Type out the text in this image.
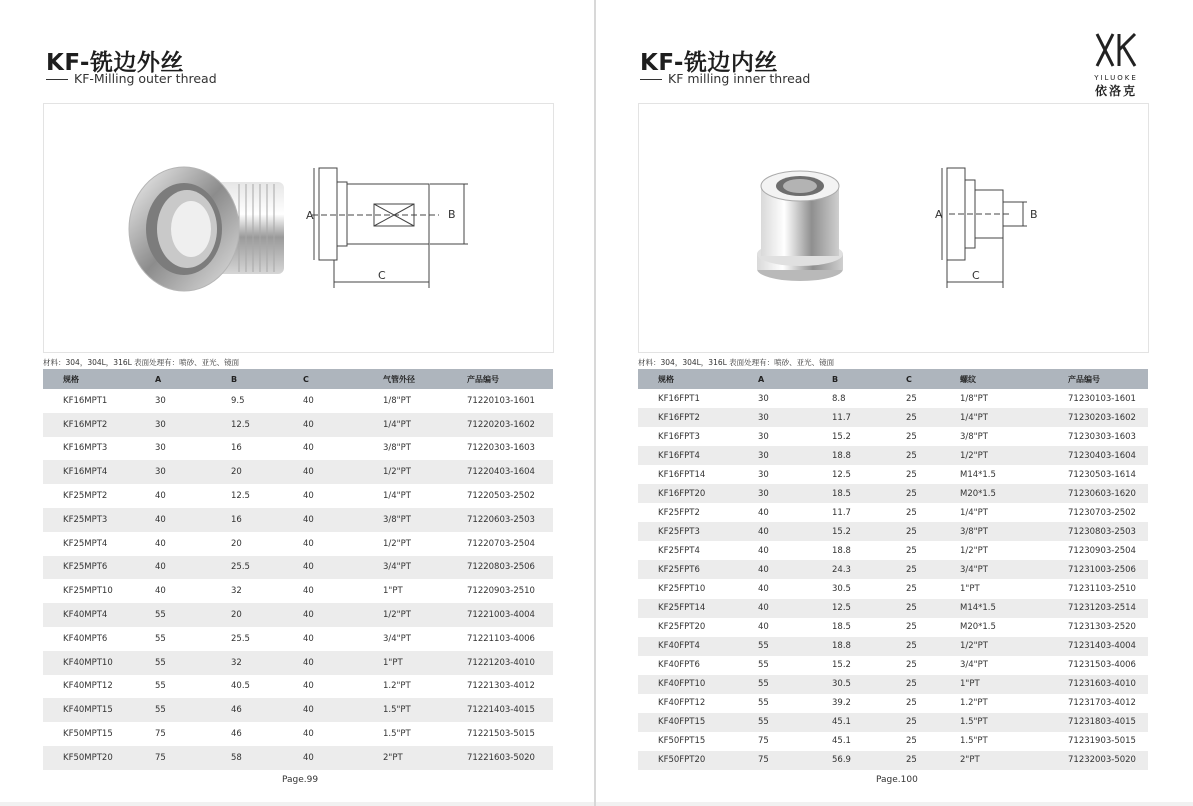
KF-铣边外丝
KF-Milling outer thread
A	B
C
材料：304，304L，316L 表面处理有：喷砂、亚光、镜面
规格	A	B	C	气管外径	产品编号
KF16MPT1	30	9.5	40	1/8"PT	71220103-1601
KF16MPT2	30	12.5	40	1/4"PT	71220203-1602
KF16MPT3	30	16	40	3/8"PT	71220303-1603
KF16MPT4	30	20	40	1/2"PT	71220403-1604
KF25MPT2	40	12.5	40	1/4"PT	71220503-2502
KF25MPT3	40	16	40	3/8"PT	71220603-2503
KF25MPT4	40	20	40	1/2"PT	71220703-2504
KF25MPT6	40	25.5	40	3/4"PT	71220803-2506
KF25MPT10	40	32	40	1"PT	71220903-2510
KF40MPT4	55	20	40	1/2"PT	71221003-4004
KF40MPT6	55	25.5	40	3/4"PT	71221103-4006
KF40MPT10	55	32	40	1"PT	71221203-4010
KF40MPT12	55	40.5	40	1.2"PT	71221303-4012
KF40MPT15	55	46	40	1.5"PT	71221403-4015
KF50MPT15	75	46	40	1.5"PT	71221503-5015
KF50MPT20	75	58	40	2"PT	71221603-5020
Page.99
KF-铣边内丝
KF milling inner thread	YILUOKE
依洛克
A	B
C
材料：304，304L，316L 表面处理有：喷砂、亚光、镜面
规格	A	B	C	螺纹	产品编号
KF16FPT1	30	8.8	25	1/8"PT	71230103-1601
KF16FPT2	30	11.7	25	1/4"PT	71230203-1602
KF16FPT3	30	15.2	25	3/8"PT	71230303-1603
KF16FPT4	30	18.8	25	1/2"PT	71230403-1604
KF16FPT14	30	12.5	25	M14*1.5	71230503-1614
KF16FPT20	30	18.5	25	M20*1.5	71230603-1620
KF25FPT2	40	11.7	25	1/4"PT	71230703-2502
KF25FPT3	40	15.2	25	3/8"PT	71230803-2503
KF25FPT4	40	18.8	25	1/2"PT	71230903-2504
KF25FPT6	40	24.3	25	3/4"PT	71231003-2506
KF25FPT10	40	30.5	25	1"PT	71231103-2510
KF25FPT14	40	12.5	25	M14*1.5	71231203-2514
KF25FPT20	40	18.5	25	M20*1.5	71231303-2520
KF40FPT4	55	18.8	25	1/2"PT	71231403-4004
KF40FPT6	55	15.2	25	3/4"PT	71231503-4006
KF40FPT10	55	30.5	25	1"PT	71231603-4010
KF40FPT12	55	39.2	25	1.2"PT	71231703-4012
KF40FPT15	55	45.1	25	1.5"PT	71231803-4015
KF50FPT15	75	45.1	25	1.5"PT	71231903-5015
KF50FPT20	75	56.9	25	2"PT	71232003-5020
Page.100
